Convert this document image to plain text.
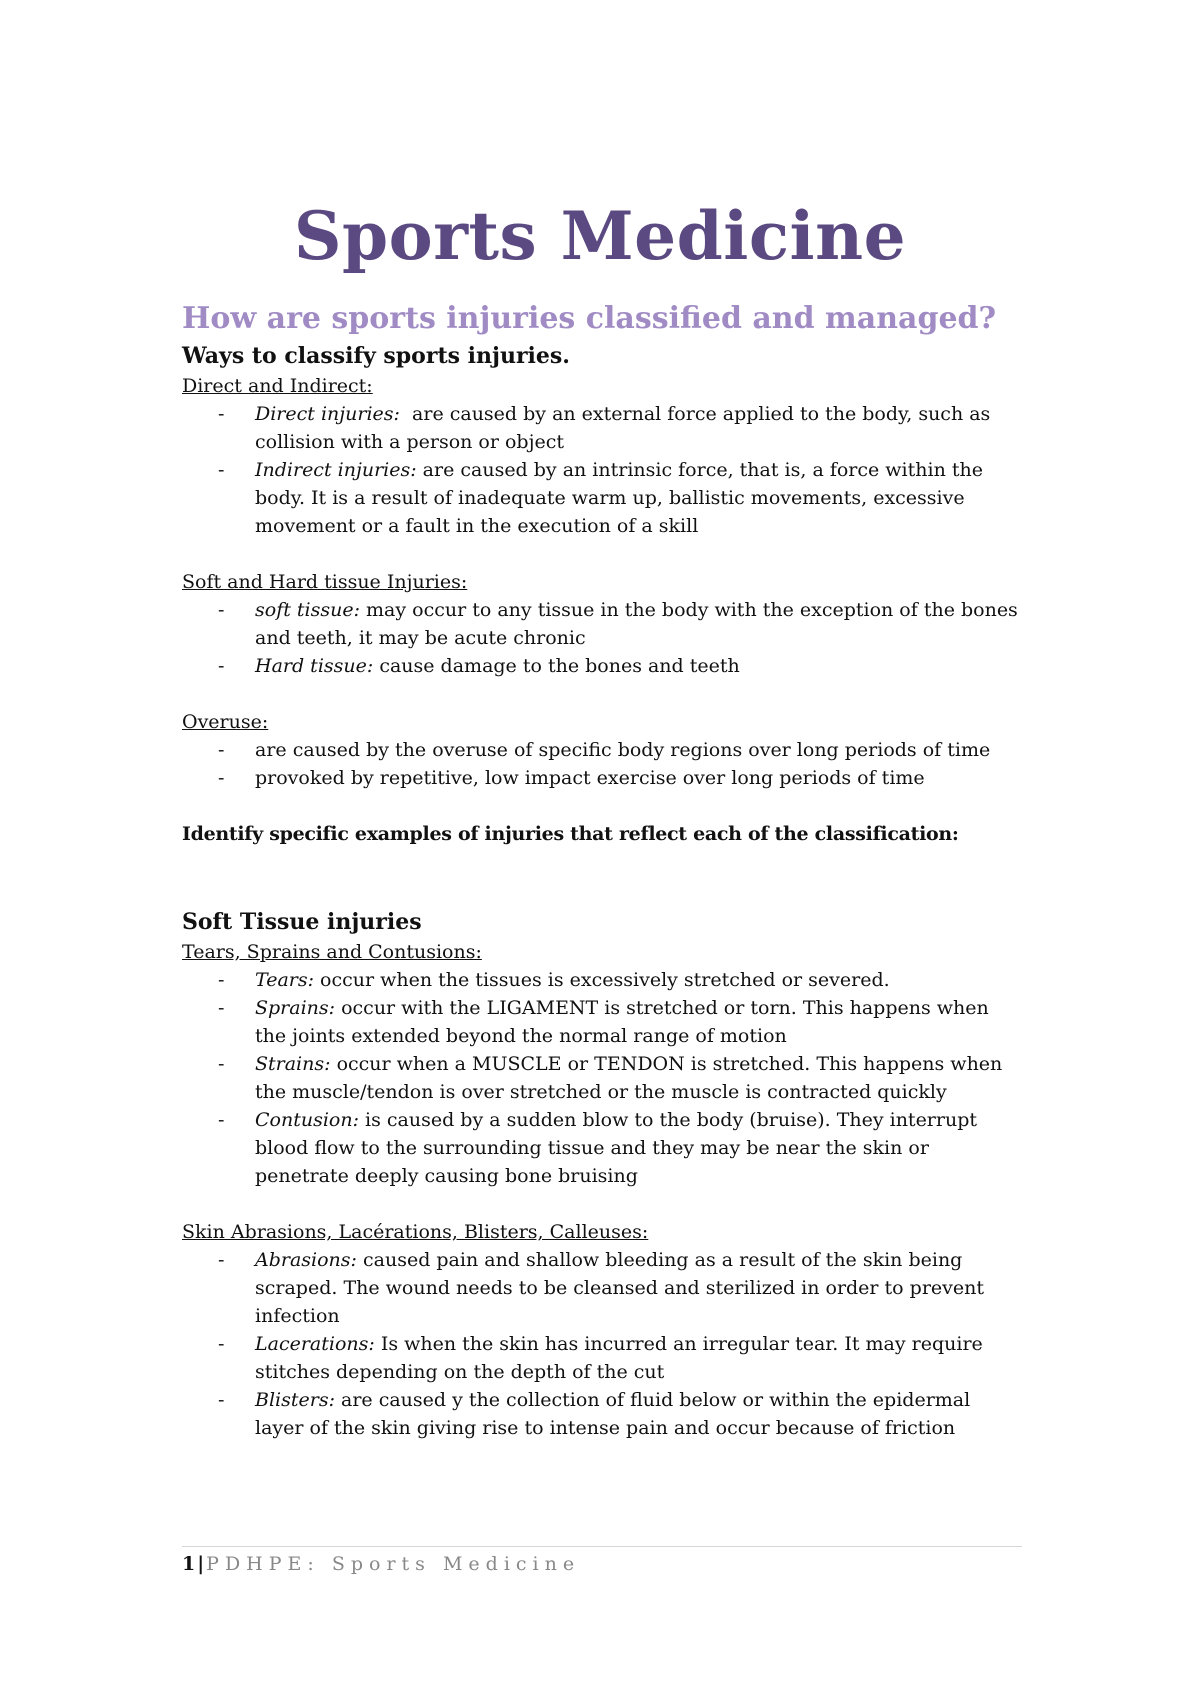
Sports Medicine
How are sports injuries classified and managed?
Ways to classify sports injuries.

Direct and Indirect:

- Direct injuries:  are caused by an external force applied to the body, such as collision with a person or object
- Indirect injuries: are caused by an intrinsic force, that is, a force within the body. It is a result of inadequate warm up, ballistic movements, excessive movement or a fault in the execution of a skill

Soft and Hard tissue Injuries:

- soft tissue: may occur to any tissue in the body with the exception of the bones and teeth, it may be acute chronic
- Hard tissue: cause damage to the bones and teeth

Overuse:

- are caused by the overuse of specific body regions over long periods of time
- provoked by repetitive, low impact exercise over long periods of time

Identify specific examples of injuries that reflect each of the classification:

Soft Tissue injuries

Tears, Sprains and Contusions:

- Tears: occur when the tissues is excessively stretched or severed.
- Sprains: occur with the LIGAMENT is stretched or torn. This happens when the joints extended beyond the normal range of motion
- Strains: occur when a MUSCLE or TENDON is stretched. This happens when the muscle/tendon is over stretched or the muscle is contracted quickly
- Contusion: is caused by a sudden blow to the body (bruise). They interrupt blood flow to the surrounding tissue and they may be near the skin or penetrate deeply causing bone bruising

Skin Abrasions, Lacérations, Blisters, Calleuses:

- Abrasions: caused pain and shallow bleeding as a result of the skin being scraped. The wound needs to be cleansed and sterilized in order to prevent infection
- Lacerations: Is when the skin has incurred an irregular tear. It may require stitches depending on the depth of the cut
- Blisters: are caused y the collection of fluid below or within the epidermal layer of the skin giving rise to intense pain and occur because of friction
1 | PDHPE: Sports Medicine
